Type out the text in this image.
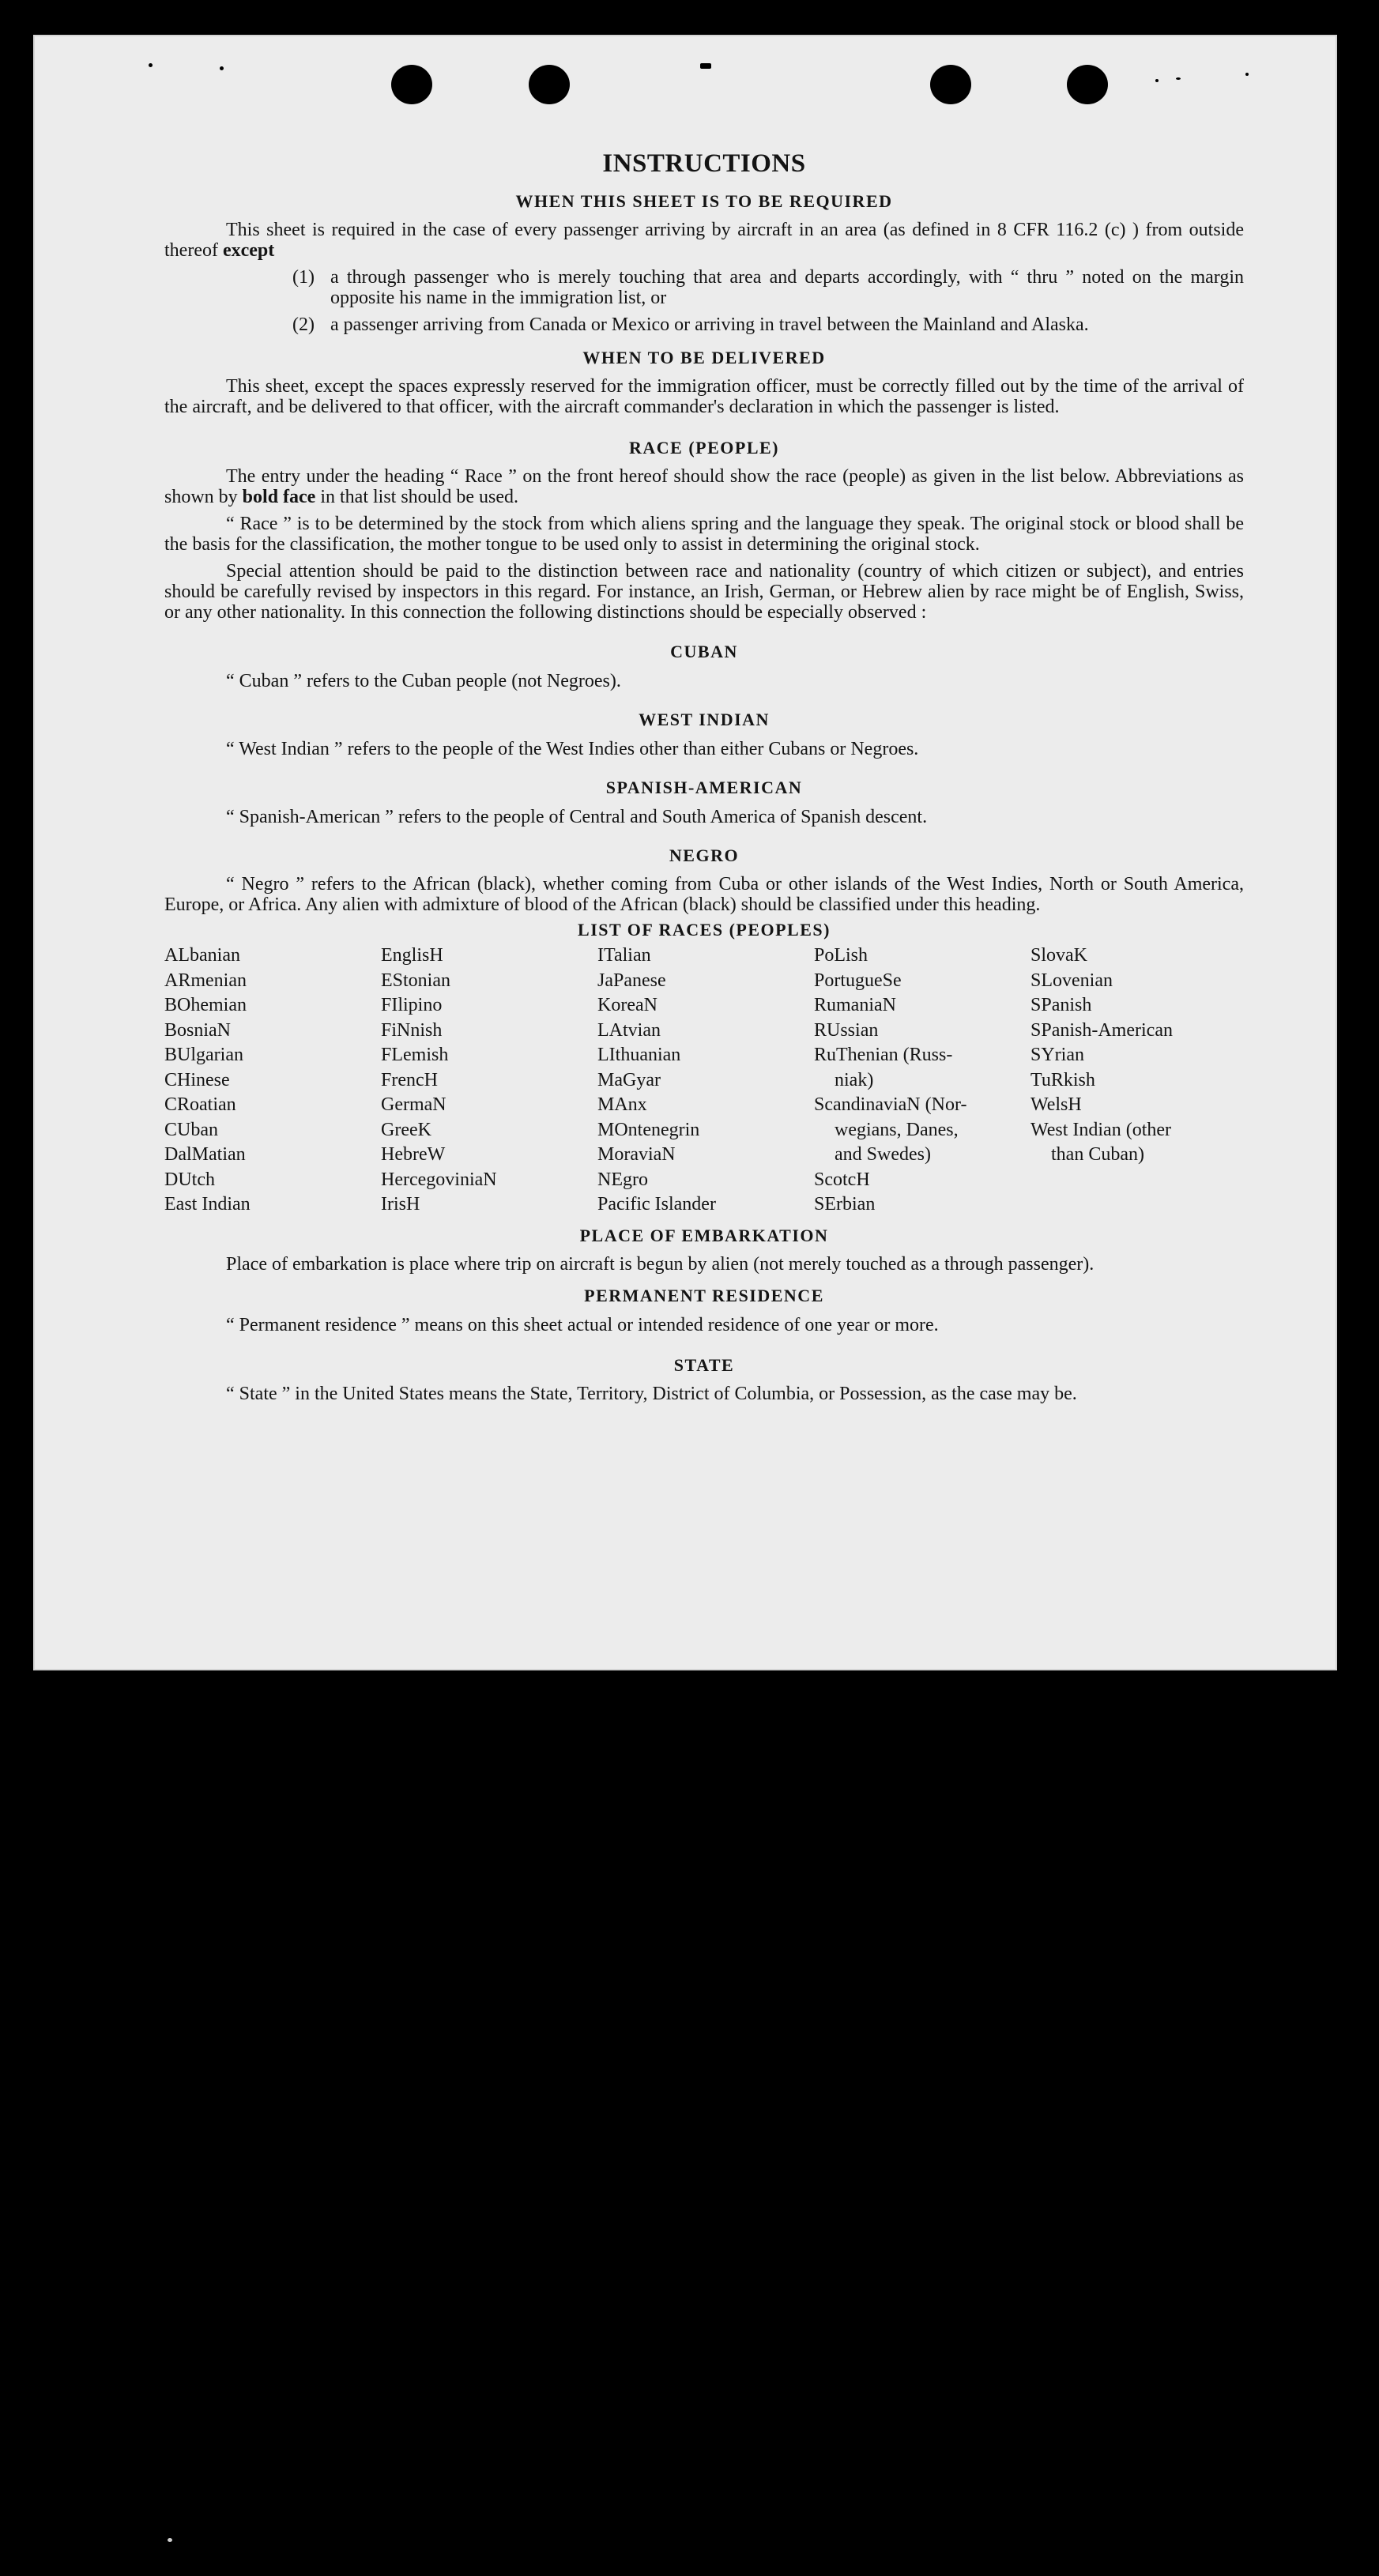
INSTRUCTIONS
WHEN THIS SHEET IS TO BE REQUIRED

This sheet is required in the case of every passenger arriving by aircraft in an area (as defined in 8 CFR 116.2 (c) ) from outside thereof except

(1) a through passenger who is merely touching that area and departs accordingly, with “ thru ” noted on the margin opposite his name in the immigration list, or
(2) a passenger arriving from Canada or Mexico or arriving in travel between the Mainland and Alaska.
WHEN TO BE DELIVERED

This sheet, except the spaces expressly reserved for the immigration officer, must be correctly filled out by the time of the arrival of the aircraft, and be delivered to that officer, with the aircraft commander's declaration in which the passenger is listed.

RACE (PEOPLE)

The entry under the heading “ Race ” on the front hereof should show the race (people) as given in the list below. Abbreviations as shown by bold face in that list should be used.

“ Race ” is to be determined by the stock from which aliens spring and the language they speak. The original stock or blood shall be the basis for the classification, the mother tongue to be used only to assist in determining the original stock.

Special attention should be paid to the distinction between race and nationality (country of which citizen or subject), and entries should be carefully revised by inspectors in this regard. For instance, an Irish, German, or Hebrew alien by race might be of English, Swiss, or any other nationality. In this connection the following distinctions should be especially observed :

CUBAN
“ Cuban ” refers to the Cuban people (not Negroes).
WEST INDIAN
“ West Indian ” refers to the people of the West Indies other than either Cubans or Negroes.
SPANISH-AMERICAN
“ Spanish-American ” refers to the people of Central and South America of Spanish descent.
NEGRO

“ Negro ” refers to the African (black), whether coming from Cuba or other islands of the West Indies, North or South America, Europe, or Africa. Any alien with admixture of blood of the African (black) should be classified under this heading.

LIST OF RACES (PEOPLES)
ALbanian	EnglisH	ITalian	PoLish	SlovaK
ARmenian	EStonian	JaPanese	PortugueSe	SLovenian
BOhemian	FIlipino	KoreaN	RumaniaN	SPanish
BosniaN	FiNnish	LAtvian	RUssian	SPanish-American
BUlgarian	FLemish	LIthuanian	RuThenian (Russ-	SYrian
CHinese	FrencH	MaGyar	niak)	TuRkish
CRoatian	GermaN	MAnx	ScandinaviaN (Nor-	WelsH
CUban	GreeK	MOntenegrin	wegians, Danes,	West Indian (other
DalMatian	HebreW	MoraviaN	and Swedes)	than Cuban)
DUtch	HercegoviniaN	NEgro	ScotcH
East Indian	IrisH	Pacific Islander	SErbian
PLACE OF EMBARKATION

Place of embarkation is place where trip on aircraft is begun by alien (not merely touched as a through passenger).

PERMANENT RESIDENCE
“ Permanent residence ” means on this sheet actual or intended residence of one year or more.
STATE

“ State ” in the United States means the State, Territory, District of Columbia, or Possession, as the case may be.
